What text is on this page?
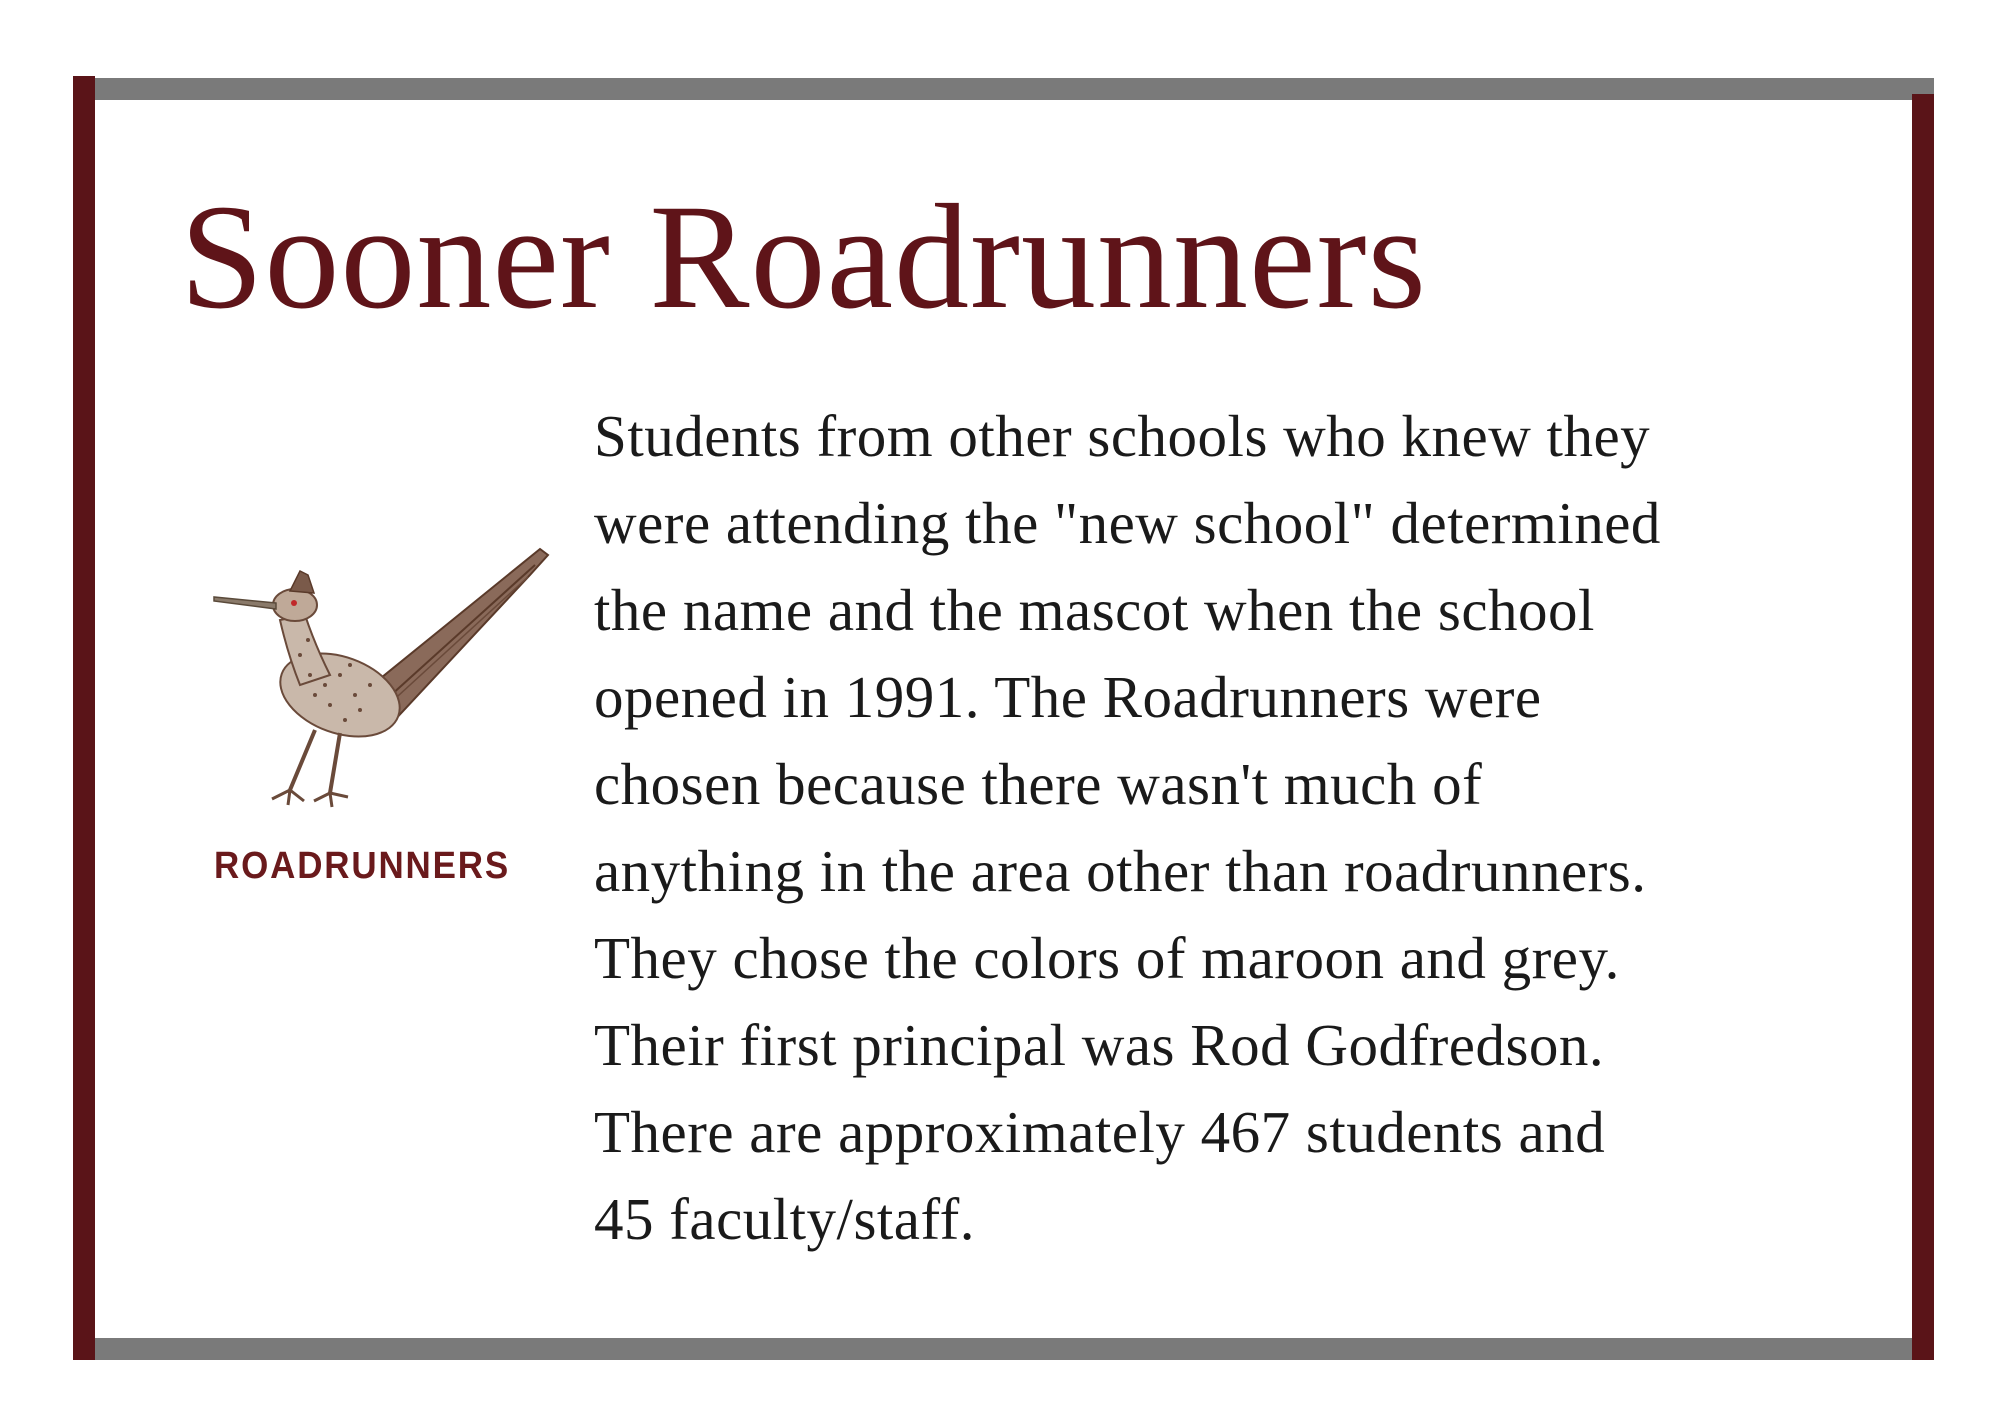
Sooner Roadrunners
ROADRUNNERS
Students from other schools who knew they
were attending the "new school" determined
the name and the mascot when the school
opened in 1991. The Roadrunners were
chosen because there wasn't much of
anything in the area other than roadrunners.
They chose the colors of maroon and grey.
Their first principal was Rod Godfredson.
There are approximately 467 students and
45 faculty/staff.
